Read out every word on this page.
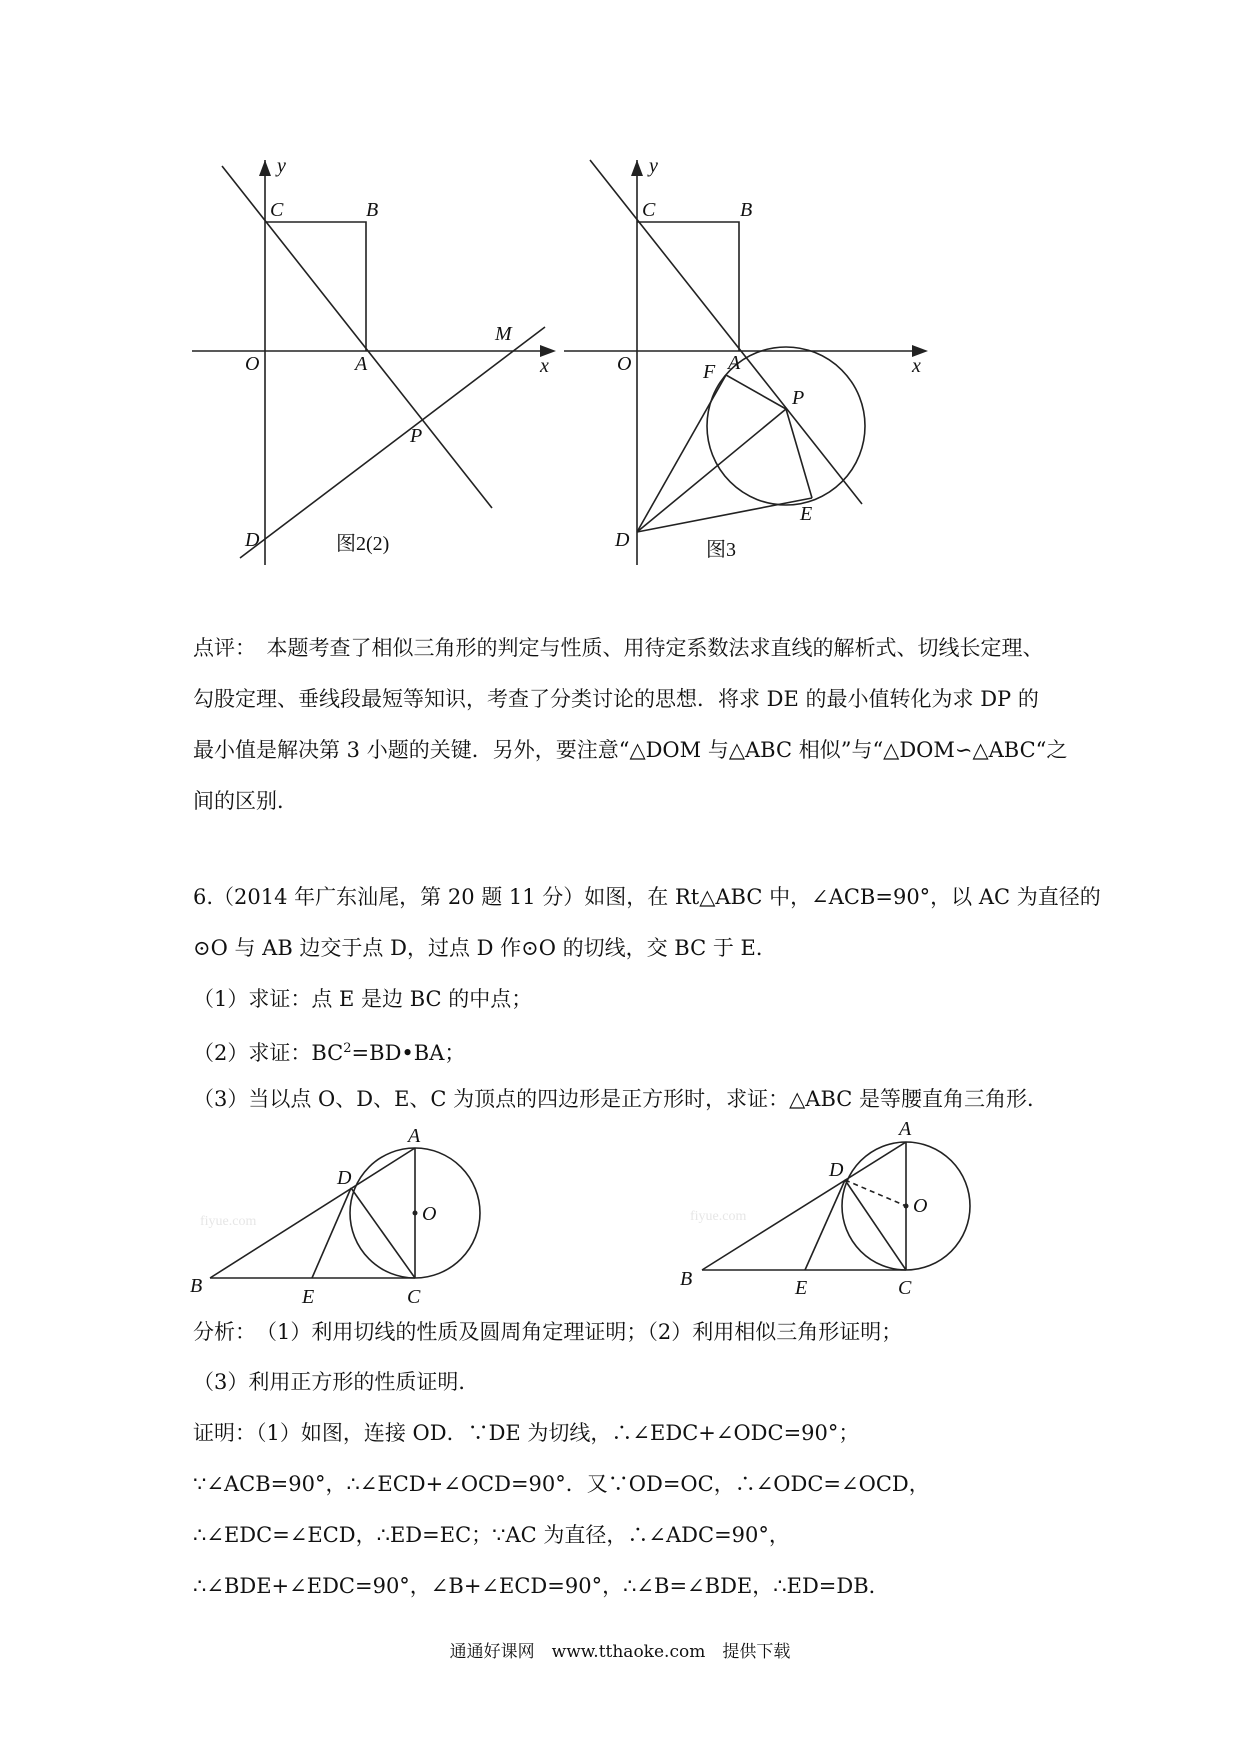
y
C	B
O	A
M
x
P
D	图2(2)
y
C	B
O	F A
P
x
E
D	图3
点评：　本题考查了相似三角形的判定与性质、用待定系数法求直线的解析式、切线长定理、
勾股定理、垂线段最短等知识，考查了分类讨论的思想．将求 DE 的最小值转化为求 DP 的
最小值是解决第 3 小题的关键．另外，要注意“△DOM 与△ABC 相似”与“△DOM∽△ABC“之
间的区别．
6.（2014 年广东汕尾，第 20 题 11 分）如图，在 Rt△ABC 中，∠ACB=90°，以 AC 为直径的
⊙O 与 AB 边交于点 D，过点 D 作⊙O 的切线，交 BC 于 E．
（1）求证：点 E 是边 BC 的中点；
（2）求证：$BC^2=BD•BA$；
（3）当以点 O、D、E、C 为顶点的四边形是正方形时，求证：△ABC 是等腰直角三角形．
A
D
O
B	E	C
fiyue.com
A
D
O
B	E	C
fiyue.com
分析：　（1）利用切线的性质及圆周角定理证明；（2）利用相似三角形证明；
（3）利用正方形的性质证明．
证明：（1）如图，连接 OD．∵DE 为切线，∴∠EDC+∠ODC=90°；
∵∠ACB=90°，∴∠ECD+∠OCD=90°．又∵OD=OC，∴∠ODC=∠OCD，
∴∠EDC=∠ECD，∴ED=EC；∵AC 为直径，∴∠ADC=90°，
∴∠BDE+∠EDC=90°，∠B+∠ECD=90°，∴∠B=∠BDE，∴ED=DB．
通通好课网　www.tthaoke.com　提供下载
